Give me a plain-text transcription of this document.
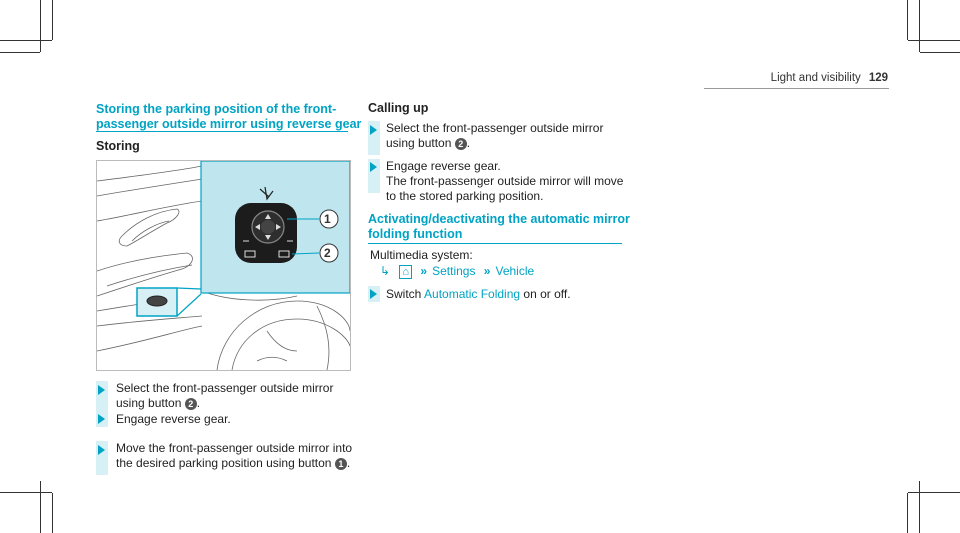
Light and visibility 129
Storing the parking position of the front-
passenger outside mirror using reverse gear
Storing
1
2
Select the front-passenger outside mirror
using button 2 .
Engage reverse gear.
Move the front-passenger outside mirror into
the desired parking position using button 1 .
Calling up
Select the front-passenger outside mirror
using button 2 .
Engage reverse gear.
The front-passenger outside mirror will move
to the stored parking position.
Activating/deactivating the automatic mirror
folding function
Multimedia system:
↳ ⌂ » Settings » Vehicle
Switch Automatic Folding on or off.
